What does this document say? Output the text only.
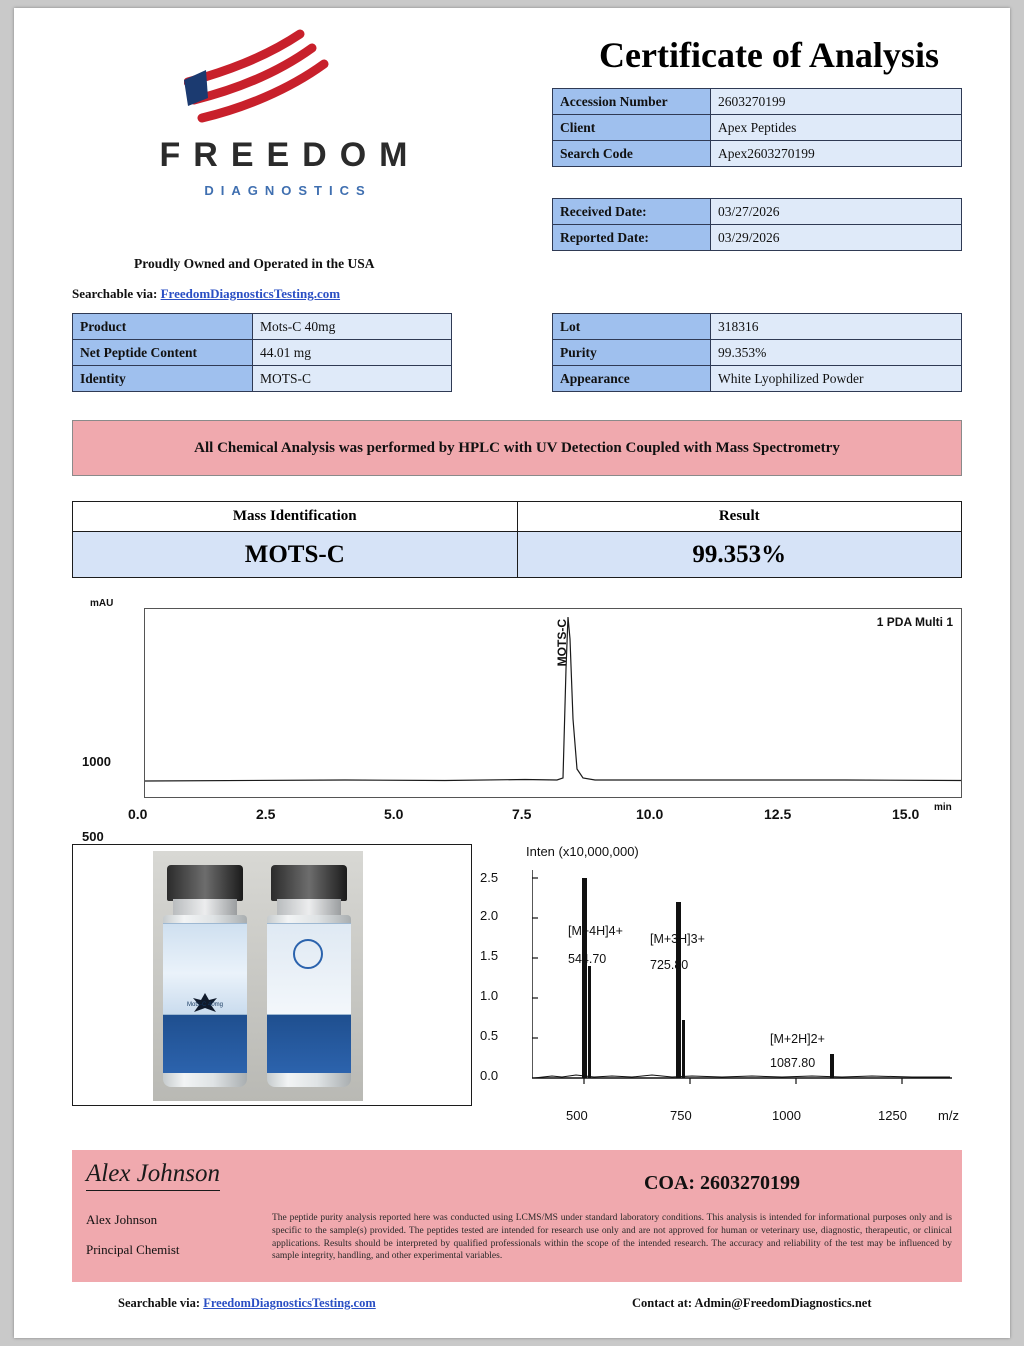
FREEDOM
DIAGNOSTICS
Proudly Owned and Operated in the USA
Searchable via: FreedomDiagnosticsTesting.com
Certificate of Analysis
Accession Number	2603270199
Client	Apex Peptides
Search Code	Apex2603270199
Received Date:	03/27/2026
Reported Date:	03/29/2026
Product	Mots-C 40mg
Net Peptide Content	44.01 mg
Identity	MOTS-C
Lot	318316
Purity	99.353%
Appearance	White Lyophilized Powder
All Chemical Analysis was performed by HPLC with UV Detection Coupled with Mass Spectrometry
Mass Identification	Result
MOTS-C	99.353%
mAU
1000
500
MOTS-C	1 PDA Multi 1
0.0	2.5	5.0	7.5	10.0	12.5	15.0 min
Mots-C 40mg
Inten (x10,000,000)
2.5
2.0
1.5
1.0
0.5
0.0
[M+4H]4+
544.70
[M+3H]3+
725.80
[M+2H]2+
1087.80
500	750	1000	1250 m/z
Alex Johnson
Alex Johnson
Principal Chemist
COA: 2603270199
The peptide purity analysis reported here was conducted using LCMS/MS under standard laboratory conditions. This analysis is intended for informational purposes only and is specific to the sample(s) provided. The peptides tested are intended for research use only and are not approved for human or veterinary use, diagnostic, therapeutic, or clinical applications. Results should be interpreted by qualified professionals within the scope of the intended research. The accuracy and reliability of the test may be influenced by sample integrity, handling, and other experimental variables.
Searchable via: FreedomDiagnosticsTesting.com	Contact at: Admin@FreedomDiagnostics.net
